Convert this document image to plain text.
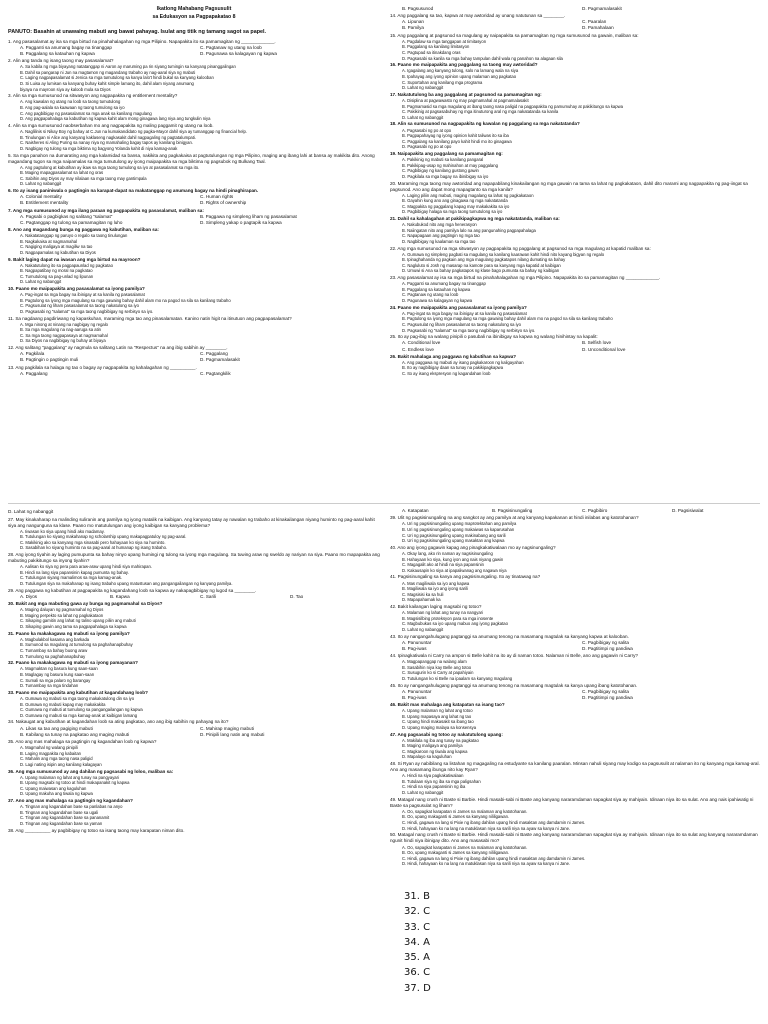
Ikatlong Mahabang Pagsusulit
sa Edukasyon sa Pagpapakatao 8
PANUTO: Basahin at unawaing mabuti ang bawat pahayag. Isulat ang titik ng tamang sagot sa papel.
1. Ang pasasalamat ay isa sa mga birtud na pinahahalagahan ng mga Pilipino. Napapakita ito sa pamamagitan ng _____________.
A. Pagganti sa anumang bagay na tinanggap	C. Pagtanaw ng utang na loob
B. Paggalang sa katauhan ng kapwa	D. Pagunawa sa kalagayan ng kapwa
2. Alin ang tanda ng isang taong may pasasalamat?
A. Sa kabila ng mga biyayang natatanggap ni Aaron ay maruming pa rin siyang tumingin sa kanyang pinanggalingan
B. Dahil sa pangarap ni Jun na magtamon ng magandang trabaho ay nag-aaral siya ng mabuti
C. Laging nagpapasalamat si Jenica sa mga tumutulong sa kanya lalo't hindi bukal sa kanyang kalooban
D. Si Luisa ay lumisan sa kanyang buhay kahit simple lamang ito, dahil alam niyang anumang
biyaya na mayroon siya ay kaloob mula sa Diyos
3. Alin sa mga sumusunod na sitwasyon ang nagpapakita ng entitlement mentality?
A. Ang kawalan ng utang na loob sa taong tumutulong
B. Ang pag-aalala sa kaawaan ng taong tumulong sa iyo
C. Ang pagbibigay ng pasasalamat sa mga anak sa kanilang magulang
D. Ang pagpapahalaga sa kabutihan ng kapwa kahit alam mong ginagawa lang niya ang tungkulin niya
4. Alin sa mga sumusunod naobserbahan mo ang nagpapakita ng maling paggamit ng utang na loob.
A. Naglilinis si Nikay Boy ng bahay at C.Jun na kumakandidato ng pagka-Mayor dahil siya ay tumanggap ng financial help.
B. Tinulungan ni Alice ang kanyang kaklaseng nagkasakit dahil nagpagaling ng pagtatalumpati.
C. Naisheres si Aling Puring sa nanay niya ng mamahaling bagay tapos ay kanilang binigyan.
D. Nagbigay ng tulong sa mga biktima ng bagyong Yolanda kahit di niya kamag-anak
5. Sa mga panahon na dumarating ang mga kalamidad sa bansa, nakikita ang pagkakaisa at pagtutulungan ng mga Pilipino, maging ang ibang lahi at bansa ay makikita dito. Anong magandang tugon sa mga naipamalas sa mga tumutulong ay iyong maipapakita sa mga biktima ng pagsubok ng Bulkang Taal.
A. Ang pagtulong at kabutihan ay ikaw sa mga taong tumulong sa iyo at pasasalamat sa mga ito.
B. Maging mapagpasalamat sa lahat ng oras
C. Sabihin ang Diyos ay may nilalaan sa mga taong may gantimpala
D. Lahat ng nabanggit
6. Ito ay isang paniniwala o pagtingin na karapat-dapat na makatanggap ng anumang bagay na hindi pinaghirapan.
A. Colonial mentality	C. Human rights
B. Entitlement mentality	D. Rights of ownership
7. Ang mga sumusunod ay mga ilang paraan ng pagpapakita ng pasasalamat, maliban sa:
A. Pagsabi o pagbigkas ng salitang "salamat"	B. Paggawa ng simpleng liham ng pasasalamat
C. Pagtanggap ng tulong sa pamamagitan ng luho	D. Simpleng yakap o pagtapik sa kapwa
8. Ano ang magandang bunga ng paggawa ng kabutihan, maliban sa:
A. Nakatatanggap ng paruyo o regalo sa taong tinulungan
B. Nagkakaisa at nagmamahal
C. Nagiging maligaya at magiliw na tao
D. Nagpapamalas ng kabutihan sa Diyos
9. Bakit laging dapat na iwasan ang mga birtud na mayroon?
A. Nakatutulong ito sa pagpapaunlad ng pagkatao
B. Nagpapatibay ng moral na pagkatao
C. Tumutulong sa pag-unlad ng lipunan
D. Lahat ng nabanggit
10. Paano mo maipapakita ang pasasalamat sa iyong pamilya?
A. Pag-ingat sa mga bagay na ibinigay at sa kanila ng pasasalamat
B. Pagtulong sa iyong mga magulang sa mga gawaing bahay dahil alam mo na pagod na sila sa kanilang trabaho
C. Pagsusulat ng liham pasasalamat sa taong nakatulong sa iyo
D. Pagsasabi ng "salamat" sa mga taong nagbibigay ng serbisyo sa iyo.
11. Sa nagdaang pagdiriwang ng kapaskuhan, maraming mga tao ang pinasalamatan. Kanino natin higit na itinutuon ang pagpapasalamat?
A. Mga ninong at ninang na nagbigay ng regalo
B. Sa mga magulang na nag-aaruga sa atin
C. Sa mga taong nagpapasaya at nagmamahal
D. Sa Diyos na nagbibigay ng buhay at biyaya
12. Ang salitang "paggalang" ay nagmula sa salitang Latin na "Respectus" na ang ibig sabihin ay ________.
A. Pagkilala	C. Paggalang
B. Pagtingin o pagtingin muli	D. Pagmamalasakit
13. Ang pagkilala sa halaga ng tao o bagay ay nagpapakita ng kahalagahan ng __________.
A. Paggalang	C. Pagtangkilik
B. Pagsusunod	D. Pagmamalasakit
14. Ang paggalang sa tao, kapwa at may awtoridad ay unang natutunan sa ________.
A. Lipunan	C. Paaralan
B. Pamilya	D. Pamahalaan
15. Ang paggalang at pagsunod sa magulang ay naipapakita sa pamamagitan ng mga sumusunod na gawain, maliban sa:
A. Pagdalaw sa mga tanggapan at Iimitasyon
B. Paggalang sa kanilang limitasyon
C. Pagtupad sa itinakdang oras
D. Pagsasabi sa kanila sa mga bahay tampulan dahil wala ng panahon na alagaan sila
16. Paano mo maipapakita ang paggalang sa taong may awtoridad?
A. Igagalang ang kanyang tulong, salo na lamang wala na siya
B. Ipahayag ang iyong opinion upang malaman ang pagkatao
C. Suportahan ang kanilang mga programa
D. Lahat ng nabanggit
17. Nakatutulong ba ang paggalang at pagsunod sa pamamagitan ng:
A. Disiplina at pagwawasto ng may pagmamahal at pagmamalasakit
B. Pagmamasid sa mga magulang at ibang taong nasa paligid na pagpapakita ng pamumuhay at pakikitungo sa kapwa
C. Pakikinig at pagsasabuhay ng mga itinuturong aral ng mga nakatatanda sa kanila
D. Lahat ng nabanggit
18. Alin sa sumusunod na nagpapakita ng kawalan ng paggalang sa mga nakatatanda?
A. Pagsasabi ng po at opo
B. Pagpapahayag ng iyong opinion kahit taliwas ito sa iba
C. Paggalang sa kanilang payo kahit hindi mo ito ginagawa
D. Pagsasabi ng po at opo
19. Naipapakita ang paggalang sa pamamagitan ng:
A. Pakikinig ng mabuti sa kanilang pangaral
B. Pakikipag-usap ng mahinahon at may paggalang
C. Pagbibigay ng kanilang gustong gawin
D. Pagkilala sa mga bagay na ibinibigay sa iyo
20. Maraming mga taong may awtoridad ang napapabilang kinakailangan ng mga gawain na tama sa lahat ng pagkakataon, dahil dito marami ang nagpapakita ng pag-iingat sa pagsunod. Ano ang dapat mong mapagtanto sa mga kanila?
A. Laging piliin ang mabuti, maging magalang sa lahat ng pagkakataon
B. Gayahin kung ano ang ginagawa ng mga nakatatanda
C. Magpakita ng paggalang kapag may makakakita sa iyo
D. Pagbibigay halaga sa mga taong tumutulong sa iyo
21. Dahil sa kahalagahan at pakikipagkapwa ng mga nakatatanda, maliban sa:
A. Nakubukod nito ang mga henerasyon
B. Naiingatan nito ang pamilya lalo na ang pangunahing pagpapahalaga
C. Napapagaan ang pagtingin ng mga tao
D. Nagbibigay ng kaalaman sa mga tao
22. Ang mga sumusunod na mga sitwasyon ay pagpapakita ng paggalang at pagsunod sa mga magulang at kapatid maliban sa:
A. Gumawa ng simpleng pagbati sa magulang sa kanilang kaarawan kahit hindi nito kayang bigyan ng regalo
B. Ipinaghahanda ng pagkain ang mga magulang pagkatapos nilang dumating sa bahay
C. Nagluluto si Josh ng masarap na kamote para sa kanyang mga kapatid at kaibigan
D. Umuwi si Ana sa bahay pagkatapos ng klase bago pumunta sa bahay ng kaibigan
23. Ang pasasalamat ay isa sa mga birtud na pinahahalagahan ng mga Pilipino. Napapakita ito sa pamamagitan ng _____________.
A. Pagganti sa anumang bagay na tinanggap
B. Paggalang sa katauhan ng kapwa
C. Pagtanaw ng utang na loob
D. Pagunawa sa kalagayan ng kapwa
24. Paano mo maipapakita ang pasasalamat sa iyong pamilya?
A. Pag-ingat sa mga bagay na ibinigay at sa kanila ng pasasalamat
B. Pagtulong sa iyong mga magulang sa mga gawaing bahay dahil alam mo na pagod na sila sa kanilang trabaho
C. Pagsusulat ng liham pasasalamat sa taong nakatulong sa iyo
D. Pagsasabi ng "salamat" sa mga taong nagbibigay ng serbisyo sa iyo.
25. Ito ay pag-ibig na walang pinipili o pasubali na ibinibigay sa kapwa ng walang hinihintay na kapalit:
A. Conditional love	B. Selfish love
C. Endless love	D. Unconditional love
26. Bakit mahalaga ang paggawa ng kabutihan sa kapwa?
A. Ang paggawa ng mabuti ay isang pagkakaroon ng kaligayahan
B. Ito ay nagbibigay daan sa tunay na pakikipagkapwa
C. Ito ay isang ekspresyon ng kagandahan loob
D. Lahat ng nabanggit
27. May kinakaharap na malinding suliranin ang pamilya ng iyong matalik na kaibigan. Ang kanyang tatay ay nawalan ng trabaho at kinakailangan niyang huminto ng pag-aaral kahit siya ang nangunguna sa klase. Paano mo matutulungan ang iyong kaibigan sa kanyang problema?
A. Iiwasan ko siya upang hindi ako madamay.
B. Tutulungan ko siyang makahanap ng scholarship upang makapagpatuloy ng pag-aaral.
C. Makikinig ako sa kanyang mga sinasabi pero hahayaan ko siya na huminto.
D. Sasabihan ko siyang huminto na sa pag-aaral at humanap ng isang trabaho.
28. Ang iyong tiyahin ay laging pumupunta sa bahay ninyo upang humingi ng tulong sa iyong mga magulang. Sa tuwing araw ng sweldo ay nariyan na siya. Paano mo mapapakita ang mabuting pakikitungo sa inyong tiyahin?
A. Aalisan ko siya ng pera para araw-araw upang hindi siya mahirapan.
B. Hindi na lang siya papansinin kapag pumunta ng bahay.
C. Tutulungan siyang mamalimos sa mga kamag-anak.
D. Tutulungan siya na makahanap ng isang trabaho upang matustusan ang pangangailangan ng kanyang pamilya.
29. Ang paggawa ng kabutihan at pagpapakita ng kagandahang loob sa kapwa ay nakapagbibigay ng lugod sa ________.
A. Diyos	B. Kapwa	C. Sarili	D. Tao
30. Bakit ang mga mabuting gawa ay bunga ng pagmamahal sa Diyos?
A. Maging daluyan ng pagmamahal ng Diyos
B. Maging perpekto sa lahat ng pagkakataon
C. Sikaping gamitin ang lahat ng talino upang piliin ang mabuti
D. Sikaping gawin ang tama sa pagpapahalaga sa kapwa
31. Paano ka makakagawa ng mabuti sa iyong pamilya?
A. Magbulakbol kasama ang barkada
B. Sumunod sa magulang at tumulong sa paghahanapbuhay
C. Tumambay sa bahay buong araw
D. Tumulong sa paghahanapbuhay
32. Paano ka makakagawa ng mabuti sa iyong pamayanan?
A. Magmaktan ng basura kung saan-saan
B. Maglagay ng basura kung saan-saan
C. Sumali sa mga palaro ng barangay
D. Tumambay sa mga tindahan
33. Paano mo maipapakita ang kabutihan at kagandahang loob?
A. Gumawa ng mabuti sa mga taong makakatulong din sa iyo
B. Gumawa ng mabuti kapag may makakakita
C. Gumawa ng mabuti at tumulong sa pangangailangan ng kapwa
D. Gumawa ng mabuti sa mga kamag-anak at kaibigan lamang
34. Nakaugat ang kabutihan at kagandahan loob sa ating pagkatao, ano ang ibig sabihin ng pahayag na ito?
A. Likas sa tao ang pagiging mabuti	C. Mahirap maging mabuti
B. Kabilang sa tunay na pagkatao ang maging mabuti	D. Pinipili lang natin ang mabuti
35. Ano ang mas mahalaga sa pagtingin ng kagandahan loob ng kapwa?
A. Magmahal ng walang pinipili
B. Laging magpakita ng kabaitan
C. Mahalin ang mga taong nasa paligid
D. Lagi nating isipin ang kanilang kalagayan
36. Ang mga sumusunod ay ang dahilan ng pagsasabi ng loloo, maliban sa:
A. Upang malaman ng lahat ang tunay na pangyayari
B. Upang magsabi ng totoo at hindi makapanakit ng kapwa
C. Upang maiwasan ang kaguluhan
D. Upang makuha ang tiwala ng kapwa
37. Ano ang mas mahalaga sa pagtingin ng kagandahan?
A. Tingnan ang kagandahan base sa panlabas na anyo
B. Tingnan ang kagandahan base sa ugali
C. Tingnan ang kagandahan base sa pananamit
D. Tingnan ang kagandahan base sa yaman
38. Ang __________ ay pagbibigay ng totoo sa isang taong may karapatan niman dito.
A. Katapatan	B. Pagsisinungaling	C. Pagbibiro	D. Pagsisiwalat
39. Ulit ng pagsisinungaling na ang sangkot ay ang pamilya at ang kanyang kapakanan at hindi inilabas ang katotohanan?
A. Uri ng pagsisinungaling upang maprotektahan ang pamilya
B. Uri ng pagsisinungaling upang makaiwas sa kaparusahan
C. Uri ng pagsisinungaling upang makinabang ang sarili
D. Uri ng pagsisinungaling upang masaktan ang kapwa
40. Ano ang iyong gagawin kapag ang pinagkakatiwalaan mo ay nagsinungaling?
A. Okay lang, ako rin naman ay nagsisinungaling
B. Hahayaan ko siya, kung iyon ang nais niyang gawin
C. Magagalit ako at hindi na siya papansinin
D. Kakausapin ko siya at ipapaliwanag ang nagawa niya
41. Pagsisinungaling sa kanya ang pagsisinungaling. Ito ay tinatawag na?
A. Mas magiliwala sa iyo ang kapwa
B. Magiliwala sa iyo ang iyong sarili
C. Magsisisi ka sa huli
D. Mapapahamak ka
42. Bakit kailangan laging magsabi ng totoo?
A. Malaman ng lahat ang tunay na nangyari
B. Magsisilbing proteksyon para sa mga inosente
C. Magbubukas sa iyo upang mabuo ang iyong pagkatao
D. Lahat ng nabanggit
43. Ito ay nangangahulugang pagtanggi sa anumang tenong na masamang magtulak sa kanyang kapwa at kalooban.
A. Panununtar	C. Pagbibigay ng salita
B. Pag-iwas	D. Pagtitimpi ng pandiwa
44. Ipinagkatiwala ni Carry na ampon si Belle kahit na ito ay di naman totoo. Nalaman ni Belle, ano ang gagawin ni Carry?
A. Magpapanggap na walang alam
B. Sasabihin niya kay Belle ang totoo
C. Susugurin ko si Carry at papahiyain
D. Tutulungan ko si Belle na ipaalam sa kanyang magulang
45. Ito ay nangangahulugang pagtanggi sa anumang tenong na masamang magtulak sa kanya upang ibang katotohanan.
A. Panununtar	C. Pagbibigay ng salita
B. Pag-iwas	D. Pagtitimpi ng pandiwa
46. Bakit mas mahalaga ang katapatan sa isang tao?
A. Upang malaman ng lahat ang totoo
B. Upang mapasaya ang lahat ng tao
C. Upang hindi makasakit sa ibang tao
D. Upang maging malaya sa konsensya
47. Ang pagsasabi ng totoo ay nakatutulong upang:
A. Makilala ng iba ang tunay na pagkatao
B. Maging maligaya ang pamilya
C. Magkaroon ng tiwala ang kapwa
D. Mapalayo sa kaguluhan
48. Si Ryan ay nabibilang sa listahan ng magagaling na estudyante sa kanilang paaralan. Minsan nahuli siyang may kodigo sa pagsusulit at nalaman ito ng kanyang mga kamag-aral. Ano ang masamang ibunga nito kay Ryan?
A. Hindi na siya pagkakatiwalaan
B. Tutulaan siya ng iba sa mga paligsahan
C. Hindi na siya papansinin ng iba
D. Lahat ng nabanggit
49. Matagal nang crush ni Baste si Barbie. Hindi masabi-sabi ni Baste ang kanyang nararamdaman sapagkat siya ay mahiyain. Idinaan niya ito sa sulat. Ano ang nais ipahiwatig ni Baste sa pagsusulat ng liham?
A. Oo, sapagkat karapatan ni James na malaman ang katotohanan.
B. Oo, upang makaganti si James sa kanyang nililigawan.
C. Hindi, gagawa na lang si Pixie ng ibang dahilan upang hindi masaktan ang damdamin ni James.
D. Hindi, hahayaan ko na lang na matuklasan niya sa sarili niya na ayaw sa kanya ni Jane.
50. Matagal nang crush ni Baste si Barbie. Hindi masabi-sabi ni Baste ang kanyang nararamdaman sapagkat siya ay mahiyain. Idinaan niya ito sa sulat ang kanyang nararamdaman ngunit hindi niya ibinigay dito. Ano ang masasabi mo?
A. Oo, sapagkat karapatan ni James na malaman ang katotohanan.
B. Oo, upang makaganti si James sa kanyang nililigawan.
C. Hindi, gagawa na lang si Pixie ng ibang dahilan upang hindi masaktan ang damdamin ni James.
D. Hindi, hahayaan ko na lang na matuklasan niya sa sarili niya na ayaw sa kanya ni Jane.
31. B
32. C
33. C
34. A
35. A
36. C
37. D
